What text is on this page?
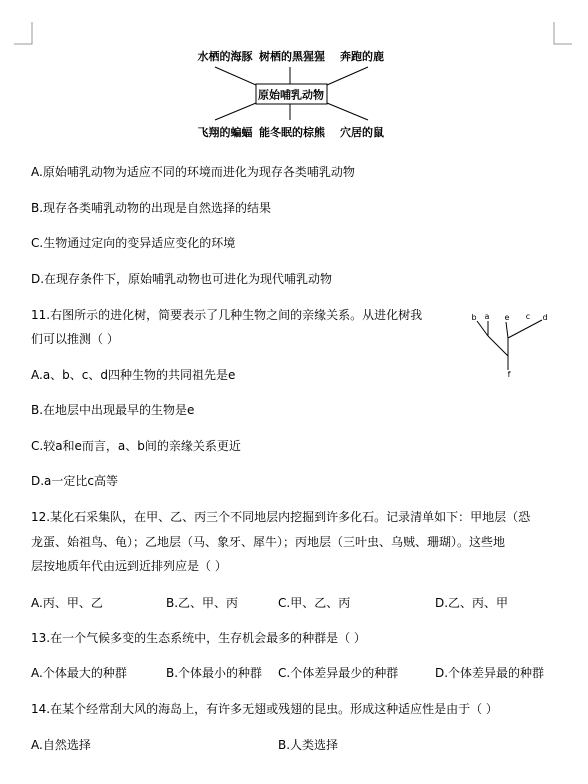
原始哺乳动物
水栖的海豚 树栖的黑猩猩 奔跑的鹿
飞翔的蝙蝠 能冬眠的棕熊 穴居的鼠
A.原始哺乳动物为适应不同的环境而进化为现存各类哺乳动物
B.现存各类哺乳动物的出现是自然选择的结果
C.生物通过定向的变异适应变化的环境
D.在现存条件下，原始哺乳动物也可进化为现代哺乳动物
11.右图所示的进化树，简要表示了几种生物之间的亲缘关系。从进化树我
们可以推测（ ）
b a e c d
f
A.a、b、c、d四种生物的共同祖先是e
B.在地层中出现最早的生物是e
C.较a和e而言，a、b间的亲缘关系更近
D.a一定比c高等
12.某化石采集队，在甲、乙、丙三个不同地层内挖掘到许多化石。记录清单如下：甲地层（恐
龙蛋、始祖鸟、龟）；乙地层（马、象牙、犀牛）；丙地层（三叶虫、乌贼、珊瑚）。这些地
层按地质年代由远到近排列应是（ ）
A.丙、甲、乙	B.乙、甲、丙	C.甲、乙、丙	D.乙、丙、甲
13.在一个气候多变的生态系统中，生存机会最多的种群是（ ）
A.个体最大的种群	B.个体最小的种群 C.个体差异最少的种群	D.个体差异最的种群
14.在某个经常刮大风的海岛上，有许多无翅或残翅的昆虫。形成这种适应性是由于（ ）
A.自然选择	B.人类选择
